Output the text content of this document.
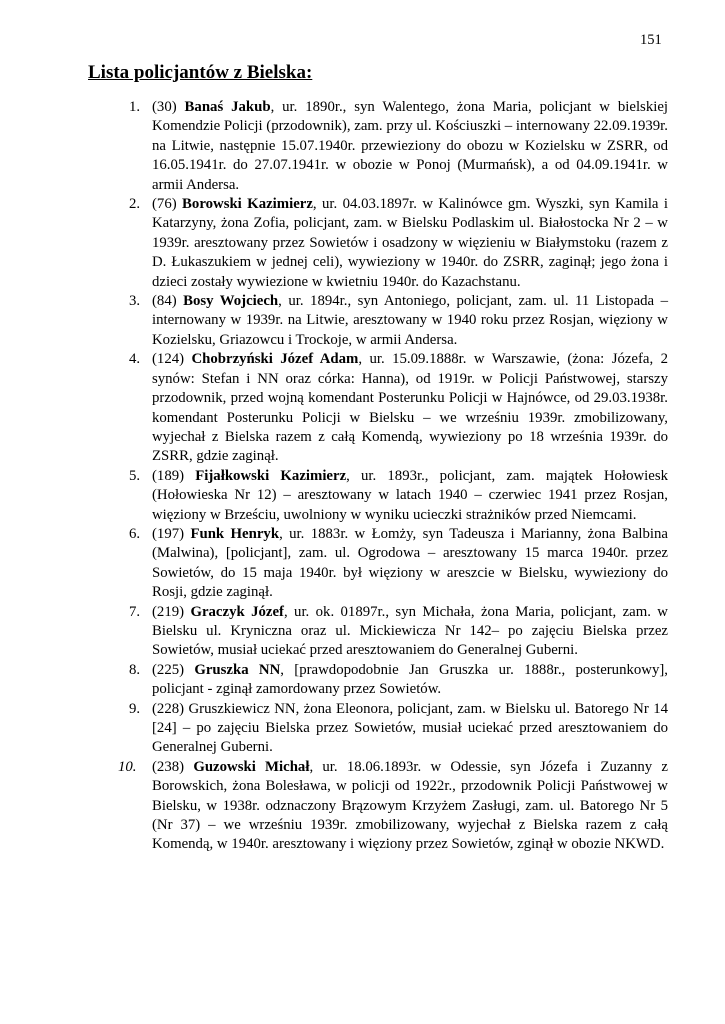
151
Lista policjantów z Bielska:
1. (30) Banaś Jakub, ur. 1890r., syn Walentego, żona Maria, policjant w bielskiej Komendzie Policji (przodownik), zam. przy ul. Kościuszki – internowany 22.09.1939r. na Litwie, następnie 15.07.1940r. przewieziony do obozu w Kozielsku w ZSRR, od 16.05.1941r. do 27.07.1941r. w obozie w Ponoj (Murmańsk), a od 04.09.1941r. w armii Andersa.
2. (76) Borowski Kazimierz, ur. 04.03.1897r. w Kalinówce gm. Wyszki, syn Kamila i Katarzyny, żona Zofia, policjant, zam. w Bielsku Podlaskim ul. Białostocka Nr 2 – w 1939r. aresztowany przez Sowietów i osadzony w więzieniu w Białymstoku (razem z D. Łukaszukiem w jednej celi), wywieziony w 1940r. do ZSRR, zaginął; jego żona i dzieci zostały wywiezione w kwietniu 1940r. do Kazachstanu.
3. (84) Bosy Wojciech, ur. 1894r., syn Antoniego, policjant, zam. ul. 11 Listopada – internowany w 1939r. na Litwie, aresztowany w 1940 roku przez Rosjan, więziony w Kozielsku, Griazowcu i Trockoje, w armii Andersa.
4. (124) Chobrzyński Józef Adam, ur. 15.09.1888r. w Warszawie, (żona: Józefa, 2 synów: Stefan i NN oraz córka: Hanna), od 1919r. w Policji Państwowej, starszy przodownik, przed wojną komendant Posterunku Policji w Hajnówce, od 29.03.1938r. komendant Posterunku Policji w Bielsku – we wrześniu 1939r. zmobilizowany, wyjechał z Bielska razem z całą Komendą, wywieziony po 18 września 1939r. do ZSRR, gdzie zaginął.
5. (189) Fijałkowski Kazimierz, ur. 1893r., policjant, zam. majątek Hołowiesk (Hołowieska Nr 12) – aresztowany w latach 1940 – czerwiec 1941 przez Rosjan, więziony w Brześciu, uwolniony w wyniku ucieczki strażników przed Niemcami.
6. (197) Funk Henryk, ur. 1883r. w Łomży, syn Tadeusza i Marianny, żona Balbina (Malwina), [policjant], zam. ul. Ogrodowa – aresztowany 15 marca 1940r. przez Sowietów, do 15 maja 1940r. był więziony w areszcie w Bielsku, wywieziony do Rosji, gdzie zaginął.
7. (219) Graczyk Józef, ur. ok. 01897r., syn Michała, żona Maria, policjant, zam. w Bielsku ul. Kryniczna oraz ul. Mickiewicza Nr 142– po zajęciu Bielska przez Sowietów, musiał uciekać przed aresztowaniem do Generalnej Guberni.
8. (225) Gruszka NN, [prawdopodobnie Jan Gruszka ur. 1888r., posterunkowy], policjant - zginął zamordowany przez Sowietów.
9. (228) Gruszkiewicz NN, żona Eleonora, policjant, zam. w Bielsku ul. Batorego Nr 14 [24] – po zajęciu Bielska przez Sowietów, musiał uciekać przed aresztowaniem do Generalnej Guberni.
10. (238) Guzowski Michał, ur. 18.06.1893r. w Odessie, syn Józefa i Zuzanny z Borowskich, żona Bolesława, w policji od 1922r., przodownik Policji Państwowej w Bielsku, w 1938r. odznaczony Brązowym Krzyżem Zasługi, zam. ul. Batorego Nr 5 (Nr 37) – we wrześniu 1939r. zmobilizowany, wyjechał z Bielska razem z całą Komendą, w 1940r. aresztowany i więziony przez Sowietów, zginął w obozie NKWD.
